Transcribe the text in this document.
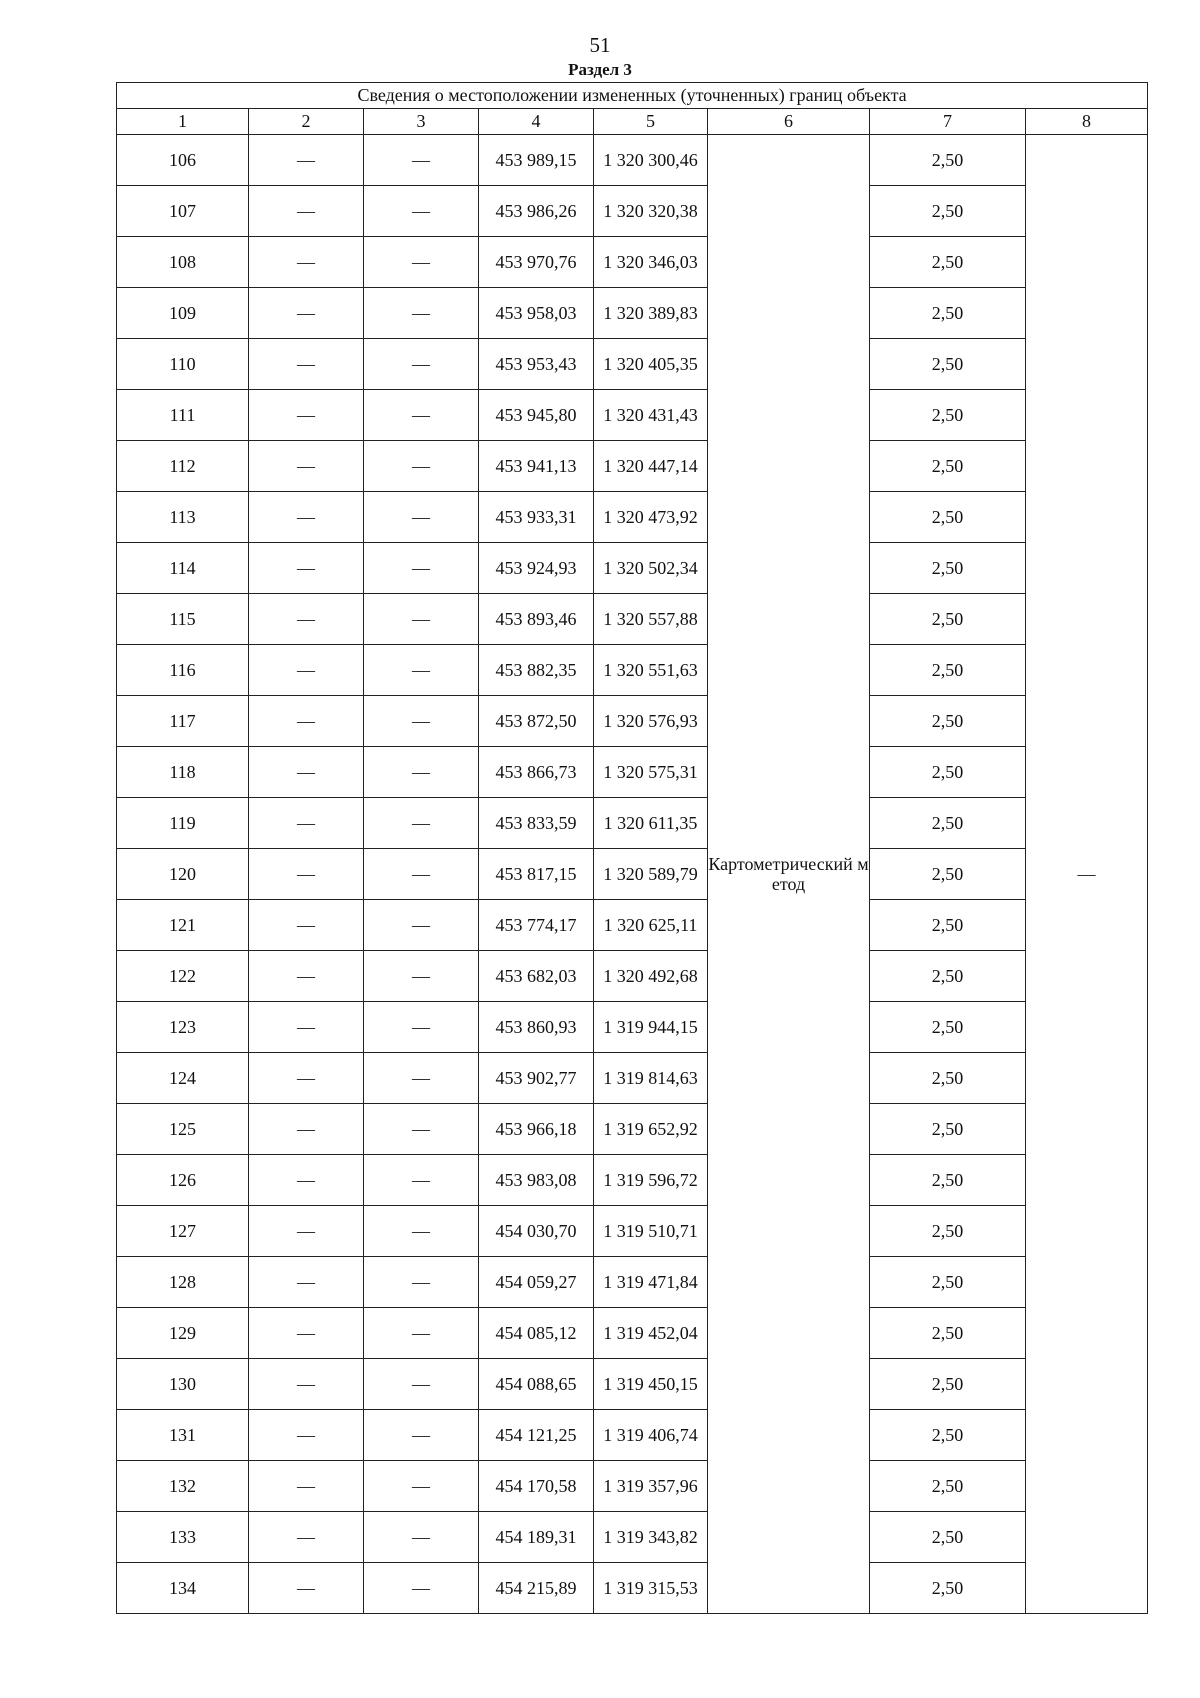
51
Раздел 3
Сведения о местоположении измененных (уточненных) границ объекта							
1	2	3	4	5	6	7	8
106	—	—	453 989,15	1 320 300,46	Картометрический метод	2,50	—
107	—	—	453 986,26	1 320 320,38		2,50	
108	—	—	453 970,76	1 320 346,03		2,50	
109	—	—	453 958,03	1 320 389,83		2,50	
110	—	—	453 953,43	1 320 405,35		2,50	
111	—	—	453 945,80	1 320 431,43		2,50	
112	—	—	453 941,13	1 320 447,14		2,50	
113	—	—	453 933,31	1 320 473,92		2,50	
114	—	—	453 924,93	1 320 502,34		2,50	
115	—	—	453 893,46	1 320 557,88		2,50	
116	—	—	453 882,35	1 320 551,63		2,50	
117	—	—	453 872,50	1 320 576,93		2,50	
118	—	—	453 866,73	1 320 575,31		2,50	
119	—	—	453 833,59	1 320 611,35		2,50	
120	—	—	453 817,15	1 320 589,79		2,50	
121	—	—	453 774,17	1 320 625,11		2,50	
122	—	—	453 682,03	1 320 492,68		2,50	
123	—	—	453 860,93	1 319 944,15		2,50	
124	—	—	453 902,77	1 319 814,63		2,50	
125	—	—	453 966,18	1 319 652,92		2,50	
126	—	—	453 983,08	1 319 596,72		2,50	
127	—	—	454 030,70	1 319 510,71		2,50	
128	—	—	454 059,27	1 319 471,84		2,50	
129	—	—	454 085,12	1 319 452,04		2,50	
130	—	—	454 088,65	1 319 450,15		2,50	
131	—	—	454 121,25	1 319 406,74		2,50	
132	—	—	454 170,58	1 319 357,96		2,50	
133	—	—	454 189,31	1 319 343,82		2,50	
134	—	—	454 215,89	1 319 315,53		2,50	
